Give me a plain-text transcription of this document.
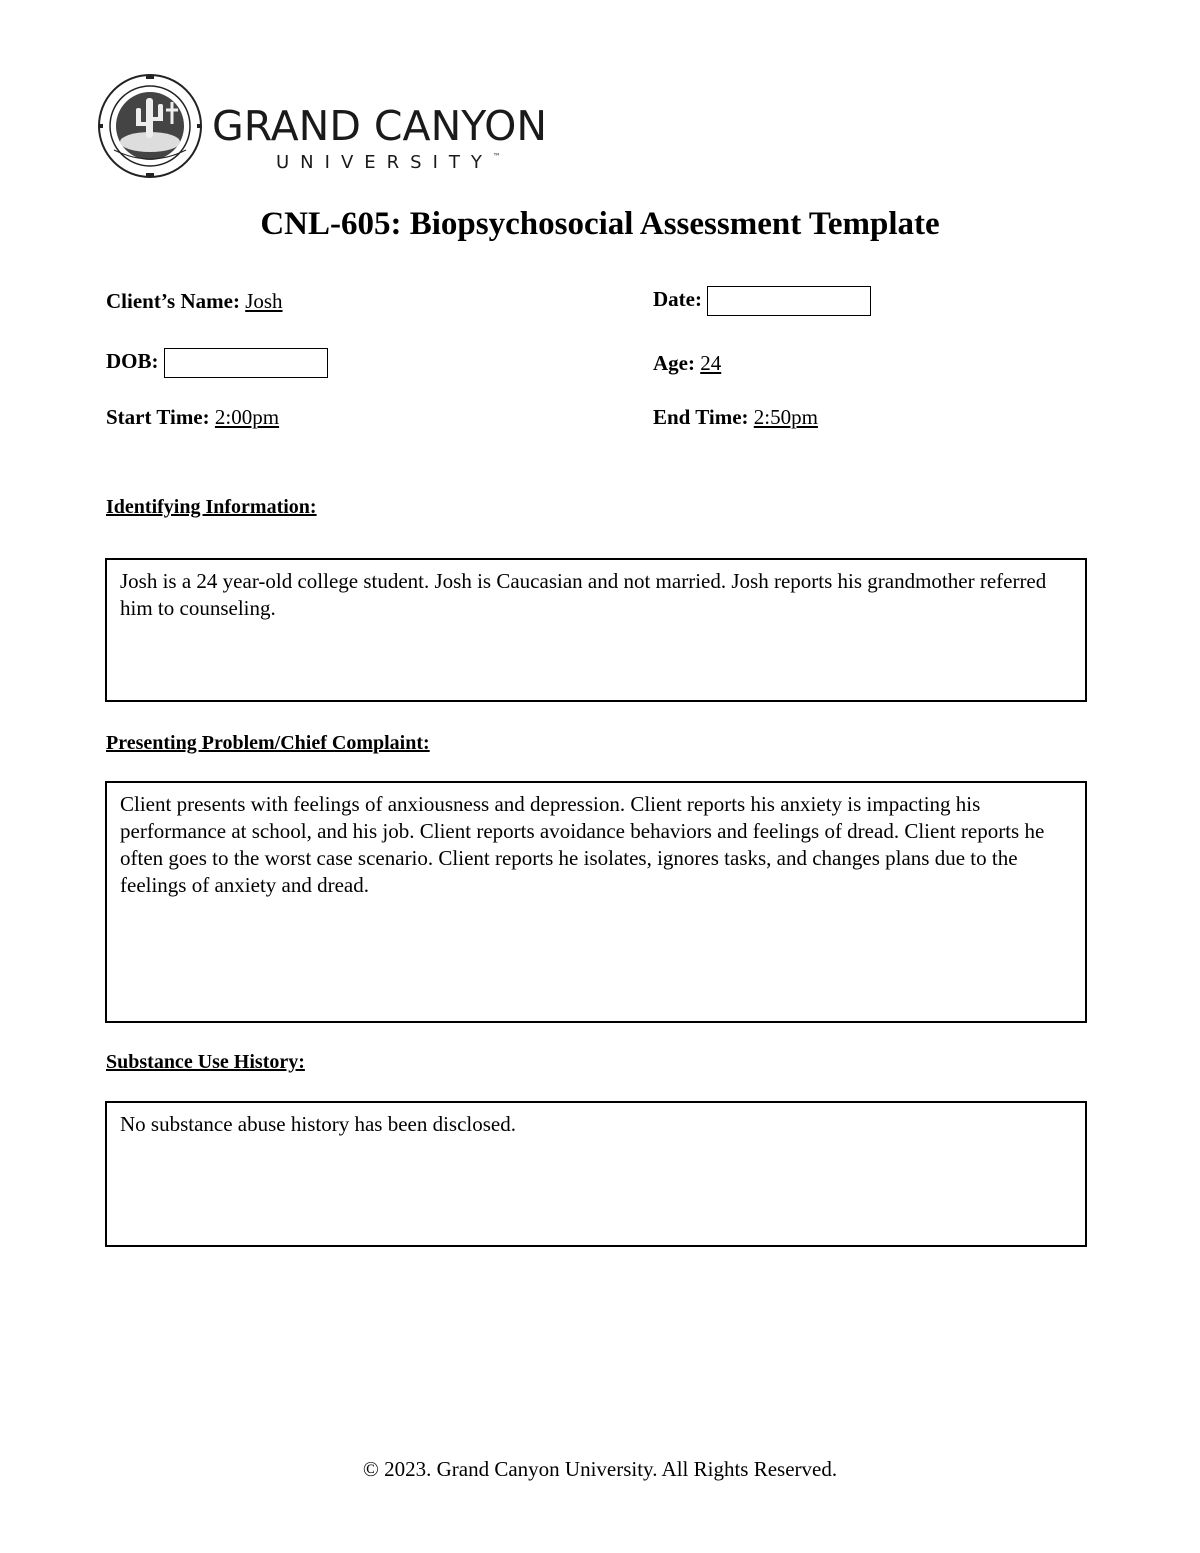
GRAND CANYON
UNIVERSITY™
CNL-605: Biopsychosocial Assessment Template
Client’s Name: Josh	Date:
DOB:	Age: 24
Start Time: 2:00pm	End Time: 2:50pm
Identifying Information:
Josh is a 24 year-old college student. Josh is Caucasian and not married. Josh reports his grandmother referred him to counseling.
Presenting Problem/Chief Complaint:
Client presents with feelings of anxiousness and depression. Client reports his anxiety is impacting his performance at school, and his job. Client reports avoidance behaviors and feelings of dread. Client reports he often goes to the worst case scenario. Client reports he isolates, ignores tasks, and changes plans due to the feelings of anxiety and dread.
Substance Use History:
No substance abuse history has been disclosed.
© 2023. Grand Canyon University. All Rights Reserved.
